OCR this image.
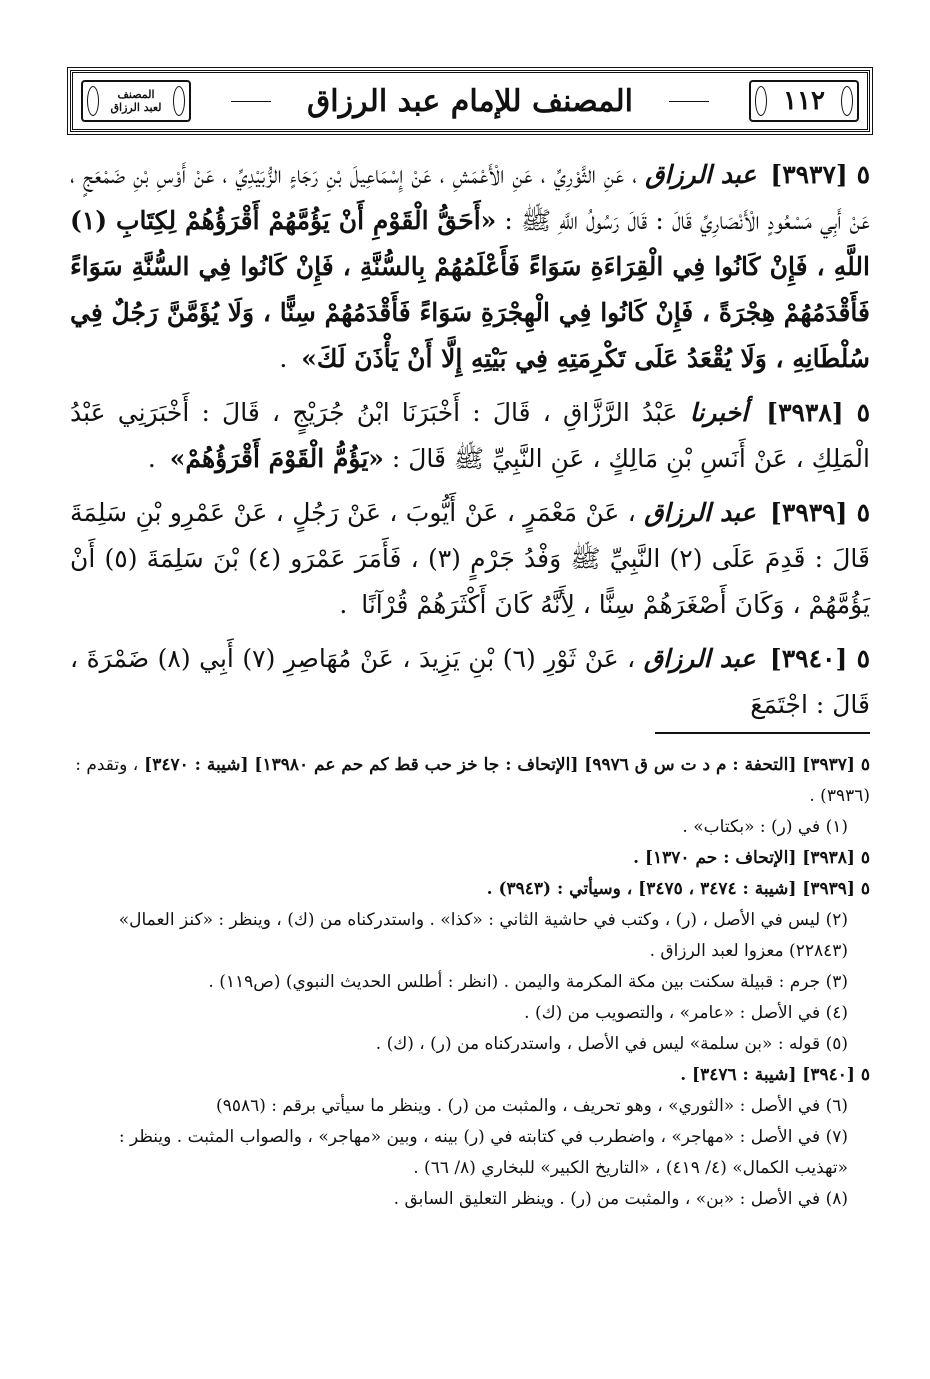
المصنف
لعبد الرزاق	المصنف للإمام عبد الرزاق	١١٢

٥ [٣٩٣٧] عبد الرزاق ، عَنِ الثَّوْرِيِّ ، عَنِ الْأَعْمَشِ ، عَنْ إِسْمَاعِيلَ بْنِ رَجَاءٍ الزُّبَيْدِيِّ ، عَنْ أَوْسِ بْنِ ضَمْعَجٍ ، عَنْ أَبِي مَسْعُودٍ الْأَنْصَارِيِّ قَالَ : قَالَ رَسُولُ اللَّهِ ﷺ : «أَحَقُّ الْقَوْمِ أَنْ يَؤُمَّهُمْ أَقْرَؤُهُمْ لِكِتَابِ (١) اللَّهِ ، فَإِنْ كَانُوا فِي الْقِرَاءَةِ سَوَاءً فَأَعْلَمُهُمْ بِالسُّنَّةِ ، فَإِنْ كَانُوا فِي السُّنَّةِ سَوَاءً فَأَقْدَمُهُمْ هِجْرَةً ، فَإِنْ كَانُوا فِي الْهِجْرَةِ سَوَاءً فَأَقْدَمُهُمْ سِنًّا ، وَلَا يُؤَمَّنَّ رَجُلٌ فِي سُلْطَانِهِ ، وَلَا يُقْعَدُ عَلَى تَكْرِمَتِهِ فِي بَيْتِهِ إِلَّا أَنْ يَأْذَنَ لَكَ» .

٥ [٣٩٣٨] أخبرنا عَبْدُ الرَّزَّاقِ ، قَالَ : أَخْبَرَنَا ابْنُ جُرَيْجٍ ، قَالَ : أَخْبَرَنِي عَبْدُ الْمَلِكِ ، عَنْ أَنَسِ بْنِ مَالِكٍ ، عَنِ النَّبِيِّ ﷺ قَالَ : «يَؤُمُّ الْقَوْمَ أَقْرَؤُهُمْ» .

٥ [٣٩٣٩] عبد الرزاق ، عَنْ مَعْمَرٍ ، عَنْ أَيُّوبَ ، عَنْ رَجُلٍ ، عَنْ عَمْرِو بْنِ سَلِمَةَ قَالَ : قَدِمَ عَلَى (٢) النَّبِيِّ ﷺ وَفْدُ جَرْمٍ (٣) ، فَأَمَرَ عَمْرَو (٤) بْنَ سَلِمَةَ (٥) أَنْ يَؤُمَّهُمْ ، وَكَانَ أَصْغَرَهُمْ سِنًّا ، لِأَنَّهُ كَانَ أَكْثَرَهُمْ قُرْآنًا .

٥ [٣٩٤٠] عبد الرزاق ، عَنْ ثَوْرِ (٦) بْنِ يَزِيدَ ، عَنْ مُهَاصِرِ (٧) أَبِي (٨) ضَمْرَةَ ، قَالَ : اجْتَمَعَ

٥ [٣٩٣٧] [التحفة : م د ت س ق ٩٩٧٦] [الإتحاف : جا خز حب قط كم حم عم ١٣٩٨٠] [شيبة : ٣٤٧٠] ، وتقدم : (٣٩٣٦) .

(١) في (ر) : «بكتاب» .

٥ [٣٩٣٨] [الإتحاف : حم ١٣٧٠] .

٥ [٣٩٣٩] [شيبة : ٣٤٧٤ ، ٣٤٧٥] ، وسيأتي : (٣٩٤٣) .

(٢) ليس في الأصل ، (ر) ، وكتب في حاشية الثاني : «كذا» . واستدركناه من (ك) ، وينظر : «كنز العمال» (٢٢٨٤٣) معزوا لعبد الرزاق .

(٣) جرم : قبيلة سكنت بين مكة المكرمة واليمن . (انظر : أطلس الحديث النبوي) (ص١١٩) .

(٤) في الأصل : «عامر» ، والتصويب من (ك) .

(٥) قوله : «بن سلمة» ليس في الأصل ، واستدركناه من (ر) ، (ك) .

٥ [٣٩٤٠] [شيبة : ٣٤٧٦] .

(٦) في الأصل : «الثوري» ، وهو تحريف ، والمثبت من (ر) . وينظر ما سيأتي برقم : (٩٥٨٦)

(٧) في الأصل : «مهاجر» ، واضطرب في كتابته في (ر) بينه ، وبين «مهاجر» ، والصواب المثبت . وينظر : «تهذيب الكمال» (٤/ ٤١٩) ، «التاريخ الكبير» للبخاري (٨/ ٦٦) .

(٨) في الأصل : «بن» ، والمثبت من (ر) . وينظر التعليق السابق .
